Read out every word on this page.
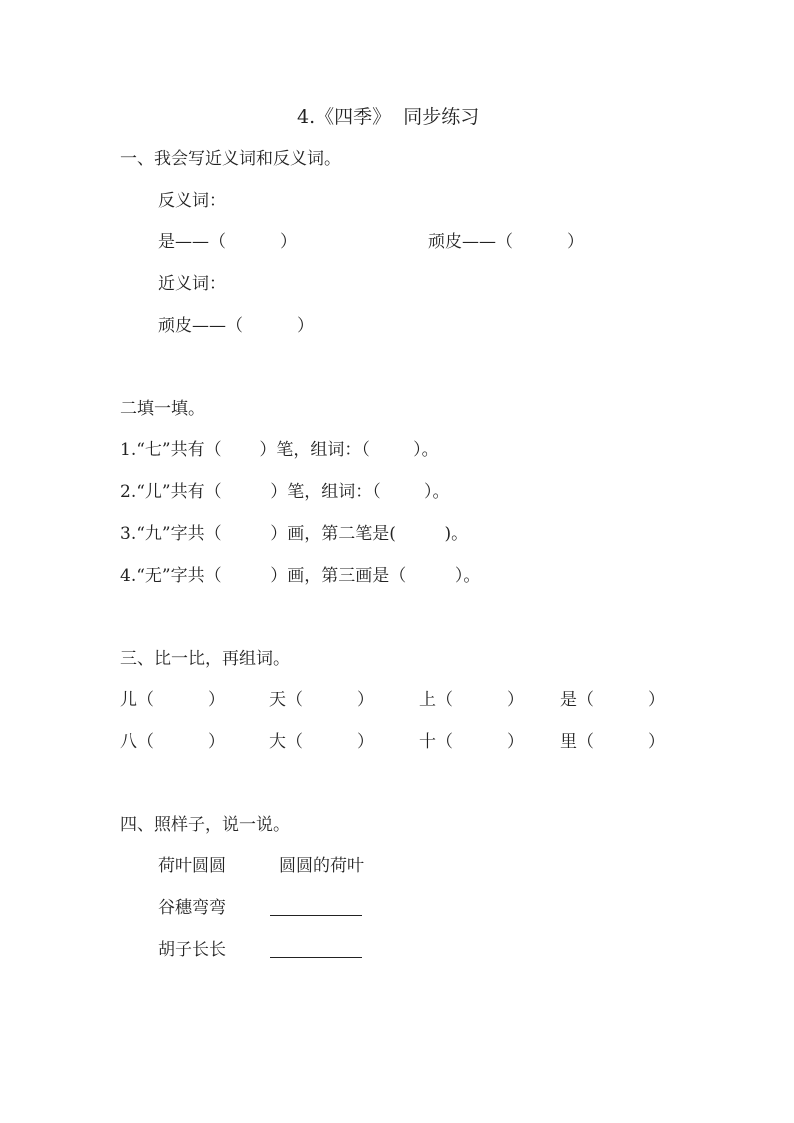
4.《四季》  同步练习
一、我会写近义词和反义词。
反义词：
是——（          ）	顽皮——（          ）
近义词：
顽皮——（          ）
二填一填。
1.“七”共有（       ）笔，组词：（        ）。
2.“儿”共有（         ）笔，组词：（        ）。
3.“九”字共（         ）画，第二笔是(         )。
4.“无”字共（         ）画，第三画是（         ）。
三、比一比，再组词。
儿（          ）	天（          ）	上（          ） 是（          ）
八（          ）	大（          ）	十（          ） 里（          ）
四、照样子，说一说。
荷叶圆圆	圆圆的荷叶
谷穗弯弯
胡子长长
